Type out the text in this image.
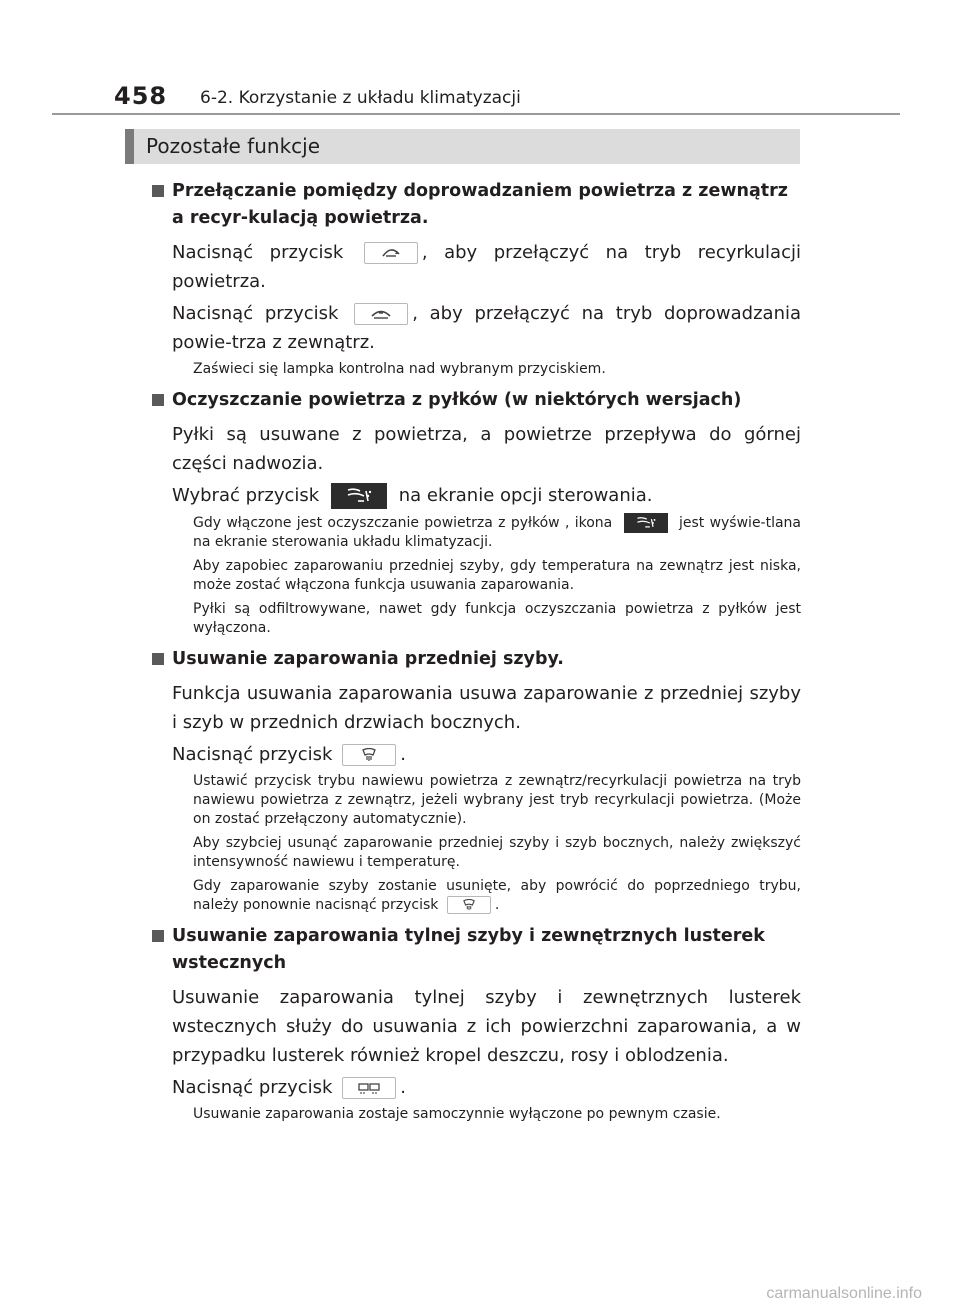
458 6-2. Korzystanie z układu klimatyzacji
Pozostałe funkcje
Przełączanie pomiędzy doprowadzaniem powietrza z zewnątrz a recyr-kulacją powietrza.
Nacisnąć przycisk	, aby przełączyć na tryb recyrkulacji powietrza.
Nacisnąć przycisk	, aby przełączyć na tryb doprowadzania powie-trza z zewnątrz.
Zaświeci się lampka kontrolna nad wybranym przyciskiem.
Oczyszczanie powietrza z pyłków (w niektórych wersjach)
Pyłki są usuwane z powietrza, a powietrze przepływa do górnej części nadwozia.
Wybrać przycisk	na ekranie opcji sterowania.
Gdy włączone jest oczyszczanie powietrza z pyłków , ikona	jest wyświe-tlana na ekranie sterowania układu klimatyzacji.
Aby zapobiec zaparowaniu przedniej szyby, gdy temperatura na zewnątrz jest niska, może zostać włączona funkcja usuwania zaparowania.
Pyłki są odfiltrowywane, nawet gdy funkcja oczyszczania powietrza z pyłków jest wyłączona.
Usuwanie zaparowania przedniej szyby.
Funkcja usuwania zaparowania usuwa zaparowanie z przedniej szyby i szyb w przednich drzwiach bocznych.
Nacisnąć przycisk	.
Ustawić przycisk trybu nawiewu powietrza z zewnątrz/recyrkulacji powietrza na tryb nawiewu powietrza z zewnątrz, jeżeli wybrany jest tryb recyrkulacji powietrza. (Może on zostać przełączony automatycznie).
Aby szybciej usunąć zaparowanie przedniej szyby i szyb bocznych, należy zwiększyć intensywność nawiewu i temperaturę.
Gdy zaparowanie szyby zostanie usunięte, aby powrócić do poprzedniego trybu, należy ponownie nacisnąć przycisk	.
Usuwanie zaparowania tylnej szyby i zewnętrznych lusterek wstecznych
Usuwanie zaparowania tylnej szyby i zewnętrznych lusterek wstecznych służy do usuwania z ich powierzchni zaparowania, a w przypadku lusterek również kropel deszczu, rosy i oblodzenia.
Nacisnąć przycisk	.
Usuwanie zaparowania zostaje samoczynnie wyłączone po pewnym czasie.
carmanualsonline.info
